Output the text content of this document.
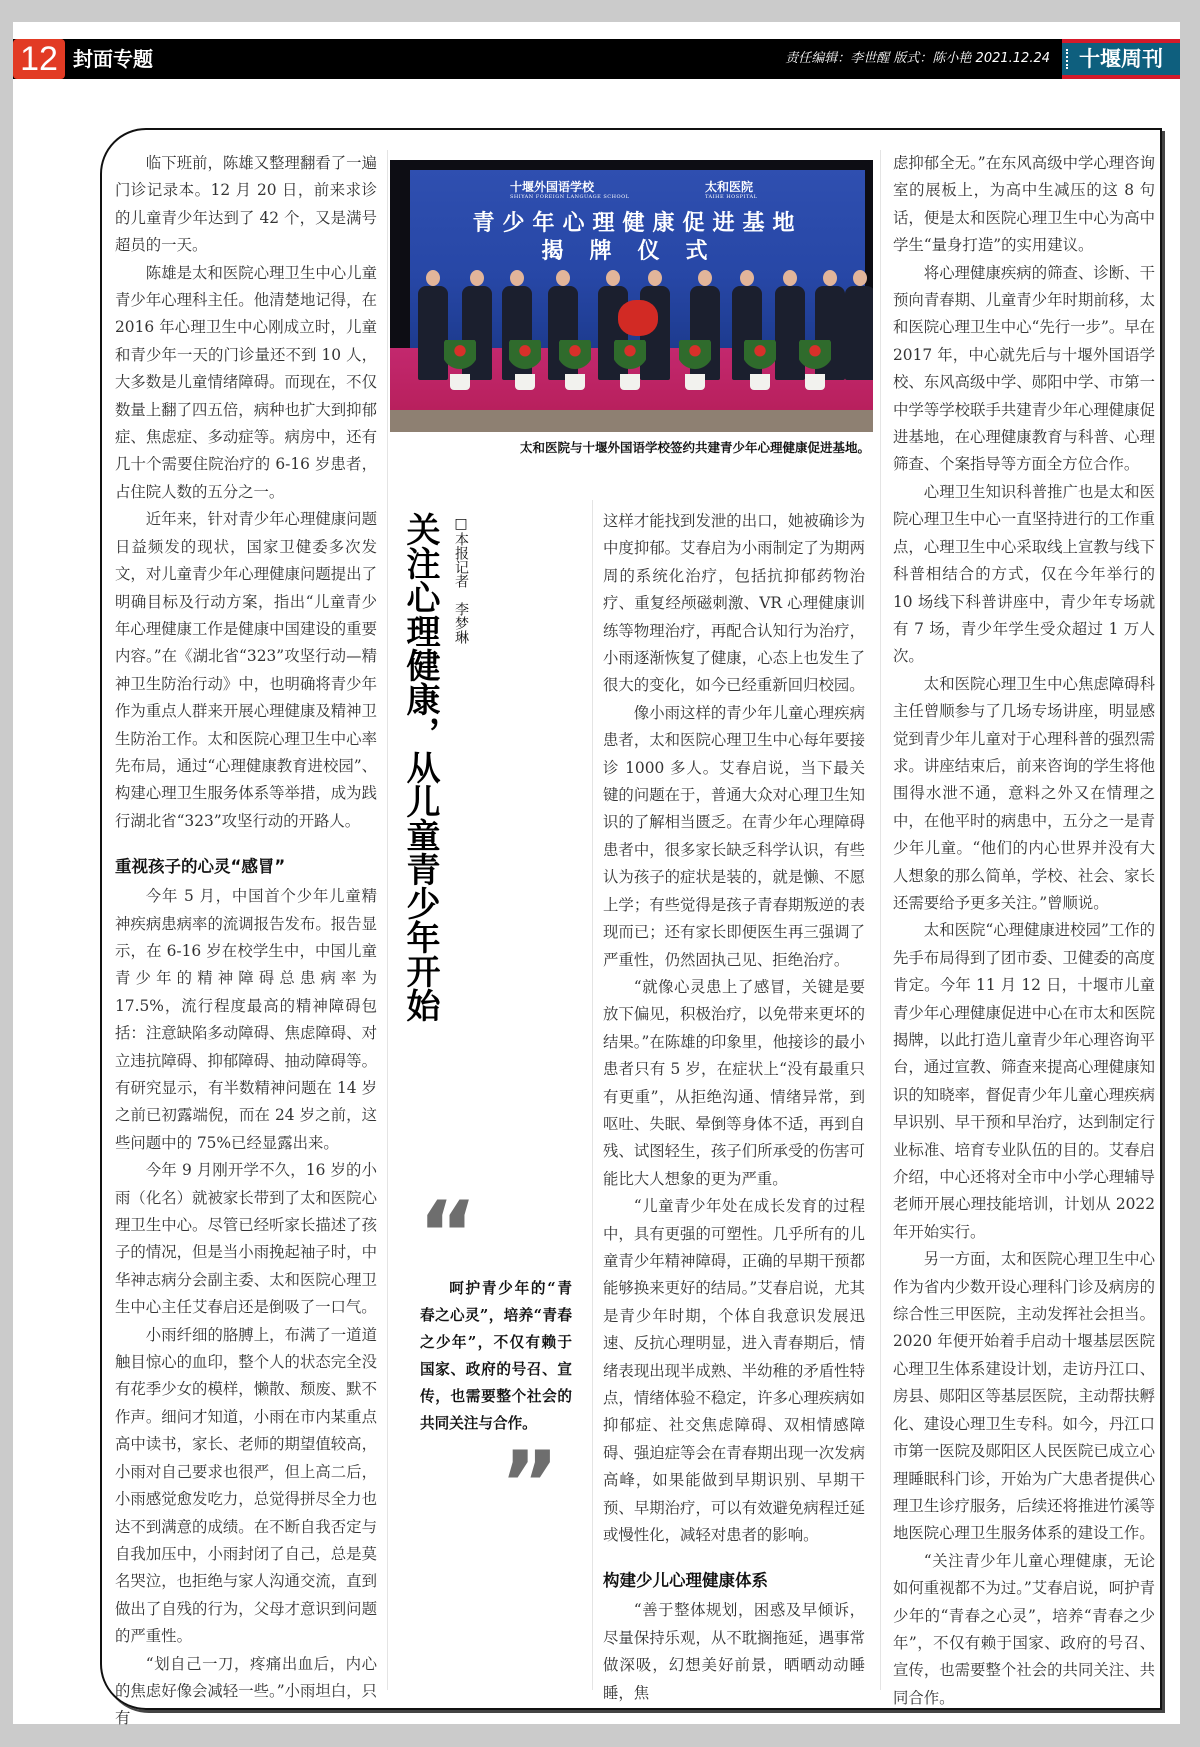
12 封面专题	责任编辑：李世醒 版式：陈小艳 2021.12.24	十堰周刊

临下班前，陈雄又整理翻看了一遍门诊记录本。12 月 20 日，前来求诊的儿童青少年达到了 42 个，又是满号超员的一天。

陈雄是太和医院心理卫生中心儿童青少年心理科主任。他清楚地记得，在 2016 年心理卫生中心刚成立时，儿童和青少年一天的门诊量还不到 10 人，大多数是儿童情绪障碍。而现在，不仅数量上翻了四五倍，病种也扩大到抑郁症、焦虑症、多动症等。病房中，还有几十个需要住院治疗的 6-16 岁患者，占住院人数的五分之一。

近年来，针对青少年心理健康问题日益频发的现状，国家卫健委多次发文，对儿童青少年心理健康问题提出了明确目标及行动方案，指出“儿童青少年心理健康工作是健康中国建设的重要内容。”在《湖北省“323”攻坚行动—精神卫生防治行动》中，也明确将青少年作为重点人群来开展心理健康及精神卫生防治工作。太和医院心理卫生中心率先布局，通过“心理健康教育进校园”、构建心理卫生服务体系等举措，成为践行湖北省“323”攻坚行动的开路人。

重视孩子的心灵“感冒”

今年 5 月，中国首个少年儿童精神疾病患病率的流调报告发布。报告显示，在 6-16 岁在校学生中，中国儿童青少年的精神障碍总患病率为 17.5%，流行程度最高的精神障碍包括：注意缺陷多动障碍、焦虑障碍、对立违抗障碍、抑郁障碍、抽动障碍等。有研究显示，有半数精神问题在 14 岁之前已初露端倪，而在 24 岁之前，这些问题中的 75%已经显露出来。

今年 9 月刚开学不久，16 岁的小雨（化名）就被家长带到了太和医院心理卫生中心。尽管已经听家长描述了孩子的情况，但是当小雨挽起袖子时，中华神志病分会副主委、太和医院心理卫生中心主任艾春启还是倒吸了一口气。

小雨纤细的胳膊上，布满了一道道触目惊心的血印，整个人的状态完全没有花季少女的模样，懒散、颓废、默不作声。细问才知道，小雨在市内某重点高中读书，家长、老师的期望值较高，小雨对自己要求也很严，但上高二后，小雨感觉愈发吃力，总觉得拼尽全力也达不到满意的成绩。在不断自我否定与自我加压中，小雨封闭了自己，总是莫名哭泣，也拒绝与家人沟通交流，直到做出了自残的行为，父母才意识到问题的严重性。

“划自己一刀，疼痛出血后，内心的焦虑好像会减轻一些。”小雨坦白，只有

十堰外国语学校
SHIYAN FOREIGN LANGUAGE SCHOOL
太和医院
TAIHE HOSPITAL
青少年心理健康促进基地
揭牌仪式
太和医院与十堰外国语学校签约共建青少年心理健康促进基地。
关注心理健康，从儿童青少年开始 □本报记者　李梦琳
“

呵护青少年的“青春之心灵”，培养“青春之少年”，不仅有赖于国家、政府的号召、宣传，也需要整个社会的共同关注与合作。

”

这样才能找到发泄的出口，她被确诊为中度抑郁。艾春启为小雨制定了为期两周的系统化治疗，包括抗抑郁药物治疗、重复经颅磁刺激、VR 心理健康训练等物理治疗，再配合认知行为治疗，小雨逐渐恢复了健康，心态上也发生了很大的变化，如今已经重新回归校园。

像小雨这样的青少年儿童心理疾病患者，太和医院心理卫生中心每年要接诊 1000 多人。艾春启说，当下最关键的问题在于，普通大众对心理卫生知识的了解相当匮乏。在青少年心理障碍患者中，很多家长缺乏科学认识，有些认为孩子的症状是装的，就是懒、不愿上学；有些觉得是孩子青春期叛逆的表现而已；还有家长即便医生再三强调了严重性，仍然固执己见、拒绝治疗。

“就像心灵患上了感冒，关键是要放下偏见，积极治疗，以免带来更坏的结果。”在陈雄的印象里，他接诊的最小患者只有 5 岁，在症状上“没有最重只有更重”，从拒绝沟通、情绪异常，到呕吐、失眠、晕倒等身体不适，再到自残、试图轻生，孩子们所承受的伤害可能比大人想象的更为严重。

“儿童青少年处在成长发育的过程中，具有更强的可塑性。几乎所有的儿童青少年精神障碍，正确的早期干预都能够换来更好的结局。”艾春启说，尤其是青少年时期，个体自我意识发展迅速、反抗心理明显，进入青春期后，情绪表现出现半成熟、半幼稚的矛盾性特点，情绪体验不稳定，许多心理疾病如抑郁症、社交焦虑障碍、双相情感障碍、强迫症等会在青春期出现一次发病高峰，如果能做到早期识别、早期干预、早期治疗，可以有效避免病程迁延或慢性化，减轻对患者的影响。

构建少儿心理健康体系

“善于整体规划，困惑及早倾诉，尽量保持乐观，从不耽搁拖延，遇事常做深吸，幻想美好前景，晒晒动动睡睡，焦

虑抑郁全无。”在东风高级中学心理咨询室的展板上，为高中生减压的这 8 句话，便是太和医院心理卫生中心为高中学生“量身打造”的实用建议。

将心理健康疾病的筛查、诊断、干预向青春期、儿童青少年时期前移，太和医院心理卫生中心“先行一步”。早在 2017 年，中心就先后与十堰外国语学校、东风高级中学、郧阳中学、市第一中学等学校联手共建青少年心理健康促进基地，在心理健康教育与科普、心理筛查、个案指导等方面全方位合作。

心理卫生知识科普推广也是太和医院心理卫生中心一直坚持进行的工作重点，心理卫生中心采取线上宣教与线下科普相结合的方式，仅在今年举行的 10 场线下科普讲座中，青少年专场就有 7 场，青少年学生受众超过 1 万人次。

太和医院心理卫生中心焦虑障碍科主任曾顺参与了几场专场讲座，明显感觉到青少年儿童对于心理科普的强烈需求。讲座结束后，前来咨询的学生将他围得水泄不通，意料之外又在情理之中，在他平时的病患中，五分之一是青少年儿童。“他们的内心世界并没有大人想象的那么简单，学校、社会、家长还需要给予更多关注。”曾顺说。

太和医院“心理健康进校园”工作的先手布局得到了团市委、卫健委的高度肯定。今年 11 月 12 日，十堰市儿童青少年心理健康促进中心在市太和医院揭牌，以此打造儿童青少年心理咨询平台，通过宣教、筛查来提高心理健康知识的知晓率，督促青少年儿童心理疾病早识别、早干预和早治疗，达到制定行业标准、培育专业队伍的目的。艾春启介绍，中心还将对全市中小学心理辅导老师开展心理技能培训，计划从 2022 年开始实行。

另一方面，太和医院心理卫生中心作为省内少数开设心理科门诊及病房的综合性三甲医院，主动发挥社会担当。2020 年便开始着手启动十堰基层医院心理卫生体系建设计划，走访丹江口、房县、郧阳区等基层医院，主动帮扶孵化、建设心理卫生专科。如今，丹江口市第一医院及郧阳区人民医院已成立心理睡眠科门诊，开始为广大患者提供心理卫生诊疗服务，后续还将推进竹溪等地医院心理卫生服务体系的建设工作。

“关注青少年儿童心理健康，无论如何重视都不为过。”艾春启说，呵护青少年的“青春之心灵”，培养“青春之少年”，不仅有赖于国家、政府的号召、宣传，也需要整个社会的共同关注、共同合作。
